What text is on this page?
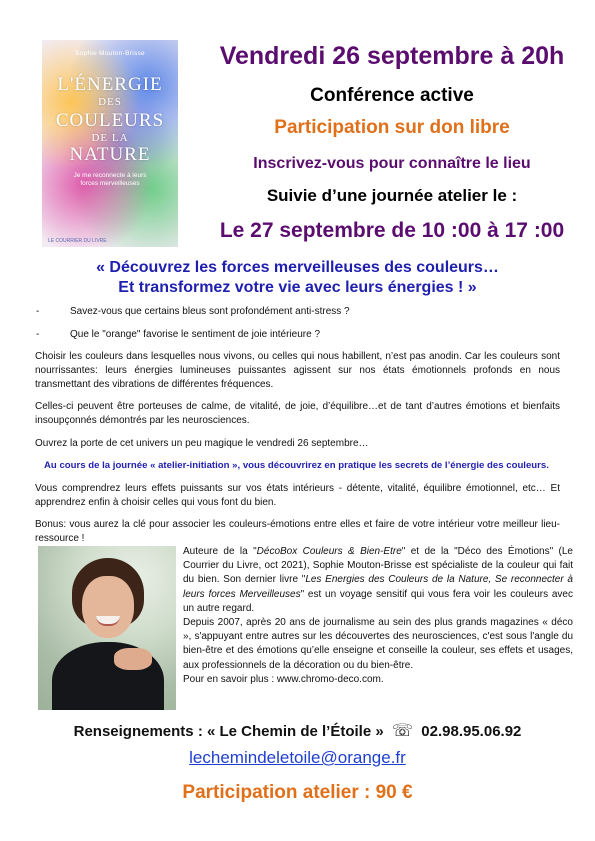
Sophie Mouton-Brisse
L'ÉNERGIE
DES
COULEURS
DE LA
NATURE
Je me reconnecte à leurs
forces merveilleuses
LE COURRIER DU LIVRE
Vendredi 26 septembre à 20h
Conférence active
Participation sur don libre
Inscrivez-vous pour connaître le lieu
Suivie d’une journée atelier le :
Le 27 septembre de 10 :00 à 17 :00
« Découvrez les forces merveilleuses des couleurs…
Et transformez votre vie avec leurs énergies ! »
-	Savez-vous que certains bleus sont profondément anti-stress ?
-	Que le "orange" favorise le sentiment de joie intérieure ?
Choisir les couleurs dans lesquelles nous vivons, ou celles qui nous habillent, n’est pas anodin. Car les couleurs sont nourrissantes: leurs énergies lumineuses puissantes agissent sur nos états émotionnels profonds en nous transmettant des vibrations de différentes fréquences.
Celles-ci peuvent être porteuses de calme, de vitalité, de joie, d’équilibre…et de tant d’autres émotions et bienfaits insoupçonnés démontrés par les neurosciences.
Ouvrez la porte de cet univers un peu magique le vendredi 26 septembre…
Au cours de la journée « atelier-initiation », vous découvrirez en pratique les secrets de l’énergie des couleurs.
Vous comprendrez leurs effets puissants sur vos états intérieurs - détente, vitalité, équilibre émotionnel, etc… Et apprendrez enfin à choisir celles qui vous font du bien.
Bonus: vous aurez la clé pour associer les couleurs-émotions entre elles et faire de votre intérieur votre meilleur lieu-ressource !

Auteure de la "DécoBox Couleurs & Bien-Etre" et de la "Déco des Émotions" (Le Courrier du Livre, oct 2021), Sophie Mouton-Brisse est spécialiste de la couleur qui fait du bien. Son dernier livre "Les Energies des Couleurs de la Nature, Se reconnecter à leurs forces Merveilleuses" est un voyage sensitif qui vous fera voir les couleurs avec un autre regard.

Depuis 2007, après 20 ans de journalisme au sein des plus grands magazines « déco », s'appuyant entre autres sur les découvertes des neurosciences, c'est sous l'angle du bien-être et des émotions qu’elle enseigne et conseille la couleur, ses effets et usages, aux professionnels de la décoration ou du bien-être.

Pour en savoir plus : www.chromo-deco.com.

Renseignements : « Le Chemin de l’Étoile » ☏ 02.98.95.06.92
lechemindeletoile@orange.fr
Participation atelier : 90 €
